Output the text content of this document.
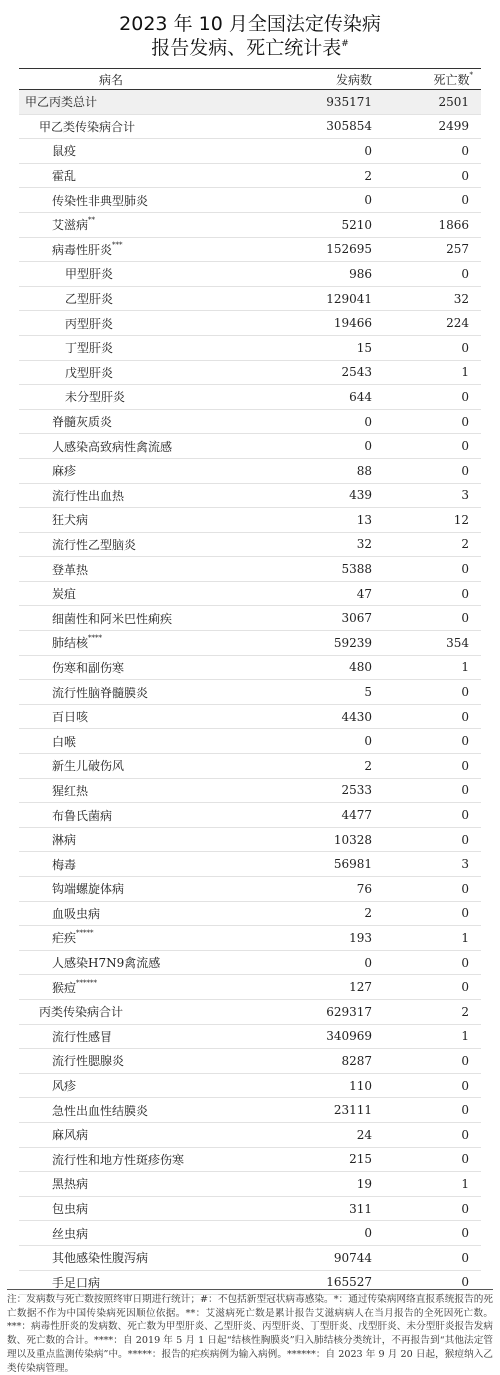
2023 年 10 月全国法定传染病
报告发病、死亡统计表#
病名	发病数	死亡数*
甲乙丙类总计	935171	2501
甲乙类传染病合计	305854	2499
鼠疫	0	0
霍乱	2	0
传染性非典型肺炎	0	0
艾滋病**	5210	1866
病毒性肝炎***	152695	257
甲型肝炎	986	0
乙型肝炎	129041	32
丙型肝炎	19466	224
丁型肝炎	15	0
戊型肝炎	2543	1
未分型肝炎	644	0
脊髓灰质炎	0	0
人感染高致病性禽流感	0	0
麻疹	88	0
流行性出血热	439	3
狂犬病	13	12
流行性乙型脑炎	32	2
登革热	5388	0
炭疽	47	0
细菌性和阿米巴性痢疾	3067	0
肺结核****	59239	354
伤寒和副伤寒	480	1
流行性脑脊髓膜炎	5	0
百日咳	4430	0
白喉	0	0
新生儿破伤风	2	0
猩红热	2533	0
布鲁氏菌病	4477	0
淋病	10328	0
梅毒	56981	3
钩端螺旋体病	76	0
血吸虫病	2	0
疟疾*****	193	1
人感染H7N9禽流感	0	0
猴痘******	127	0
丙类传染病合计	629317	2
流行性感冒	340969	1
流行性腮腺炎	8287	0
风疹	110	0
急性出血性结膜炎	23111	0
麻风病	24	0
流行性和地方性斑疹伤寒	215	0
黑热病	19	1
包虫病	311	0
丝虫病	0	0
其他感染性腹泻病	90744	0
手足口病	165527	0
注：发病数与死亡数按照终审日期进行统计；#：不包括新型冠状病毒感染。*：通过传染病网络直报系统报告的死亡数据不作为中国传染病死因顺位依据。**：艾滋病死亡数是累计报告艾滋病病人在当月报告的全死因死亡数。***：病毒性肝炎的发病数、死亡数为甲型肝炎、乙型肝炎、丙型肝炎、丁型肝炎、戊型肝炎、未分型肝炎报告发病数、死亡数的合计。****：自 2019 年 5 月 1 日起“结核性胸膜炎”归入肺结核分类统计，不再报告到“其他法定管理以及重点监测传染病”中。*****：报告的疟疾病例为输入病例。******：自 2023 年 9 月 20 日起，猴痘纳入乙类传染病管理。
